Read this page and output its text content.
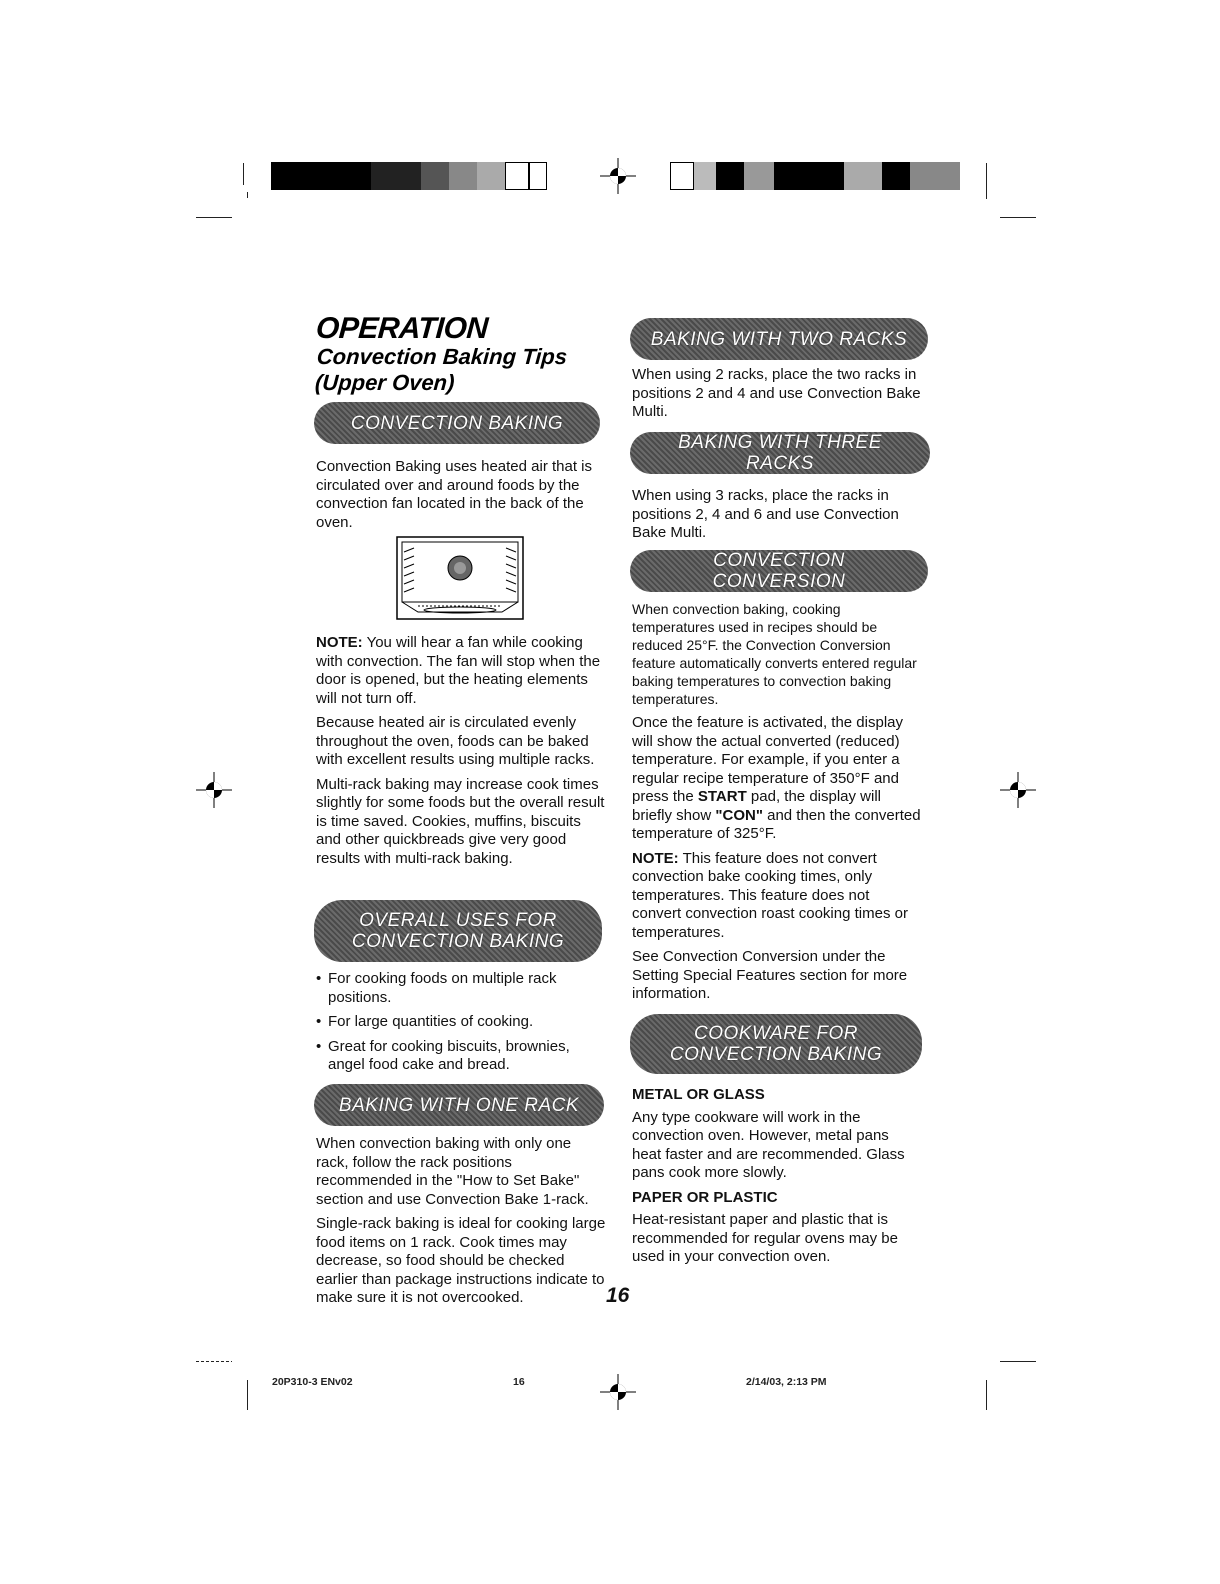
OPERATION
Convection Baking Tips (Upper Oven)
CONVECTION BAKING

Convection Baking uses heated air that is circulated over and around foods by the convection fan located in the back of the oven.

NOTE: You will hear a fan while cooking with convection. The fan will stop when the door is opened, but the heating elements will not turn off.

Because heated air is circulated evenly throughout the oven, foods can be baked with excellent results using multiple racks.

Multi-rack baking may increase cook times slightly for some foods but the overall result is time saved. Cookies, muffins, biscuits and other quickbreads give very good results with multi-rack baking.

OVERALL USES FOR
CONVECTION BAKING
• For cooking foods on multiple rack positions.
• For large quantities of cooking.
• Great for cooking biscuits, brownies, angel food cake and bread.
BAKING WITH ONE RACK

When convection baking with only one rack, follow the rack positions recommended in the "How to Set Bake" section and use Convection Bake 1-rack.

Single-rack baking is ideal for cooking large food items on 1 rack. Cook times may decrease, so food should be checked earlier than package instructions indicate to make sure it is not overcooked.	16
BAKING WITH TWO RACKS

When using 2 racks, place the two racks in positions 2 and 4 and use Convection Bake Multi.

BAKING WITH THREE RACKS

When using 3 racks, place the racks in positions 2, 4 and 6 and use Convection Bake Multi.

CONVECTION CONVERSION

When convection baking, cooking temperatures used in recipes should be reduced 25°F. the Convection Conversion feature automatically converts entered regular baking temperatures to convection baking temperatures.

Once the feature is activated, the display will show the actual converted (reduced) temperature. For example, if you enter a regular recipe temperature of 350°F and press the START pad, the display will briefly show "CON" and then the converted temperature of 325°F.

NOTE: This feature does not convert convection bake cooking times, only temperatures. This feature does not convert convection roast cooking times or temperatures.

See Convection Conversion under the Setting Special Features section for more information.

COOKWARE FOR
CONVECTION BAKING
METAL OR GLASS

Any type cookware will work in the convection oven. However, metal pans heat faster and are recommended. Glass pans cook more slowly.

PAPER OR PLASTIC

Heat-resistant paper and plastic that is recommended for regular ovens may be used in your convection oven.

20P310-3 ENv02	16	2/14/03, 2:13 PM
